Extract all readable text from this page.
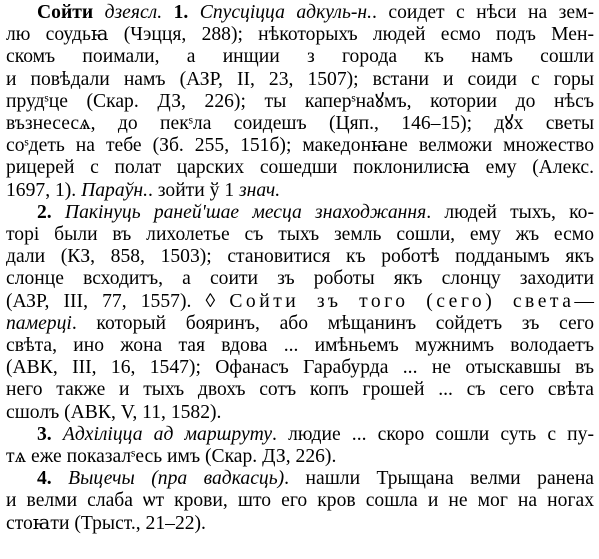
Сойти дзеясл. 1. Спусціцца адкуль-н.. соидет с нѣси на зем-
лю соудьꙗ (Чэцця, 288); нѣкоторыхъ людей есмо подъ Мен-
скомъ поимали, а инщии з города къ намъ сошли
и повѣдали намъ (АЗР, II, 23, 1507); встани и соиди с горы
прудˢце (Скар. ДЗ, 226); ты каперˢнаꙋмъ, котории до нѣсъ
възнесесѧ, до пекˢла соидешъ (Цяп., 146–15); дꙋх светы
соˢдеть на тебе (Зб. 255, 151б); македонꙗне велможи множество
рицерей с полат царских сошедши поклонилисꙗ ему (Алекс.
1697, 1). Параўн.. зойти ў 1 знач.
2. Пакінуць раней'шае месца знаходжання. людей тыхъ, ко-
торі были въ лихолетье съ тыхъ земль сошли, ему жъ есмо
дали (КЗ, 858, 1503); становитися къ роботѣ подданымъ якъ
слонце всходитъ, а соити зъ роботы якъ слонцу заходити
(АЗР, III, 77, 1557). ◊ Сойти зъ того (сего) света—
памерці. который бояринъ, або мѣщанинъ сойдетъ зъ сего
свѣта, ино жона тая вдова ... имѣньемъ мужнимъ володаетъ
(АВК, III, 16, 1547); Офанасъ Гарабурда ... не отыскавшы въ
него также и тыхъ двохъ сотъ копъ грошей ... съ сего свѣта
сшолъ (АВК, V, 11, 1582).
3. Адхіліцца ад маршруту. людие ... скоро сошли суть с пу-
тѧ еже показалˢесь имъ (Скар. ДЗ, 226).
4. Выцечы (пра вадкасць). нашли Трыщана велми ранена
и велми слаба ѡт крови, што его кров сошла и не мог на ногах
стоꙗти (Трыст., 21–22).
